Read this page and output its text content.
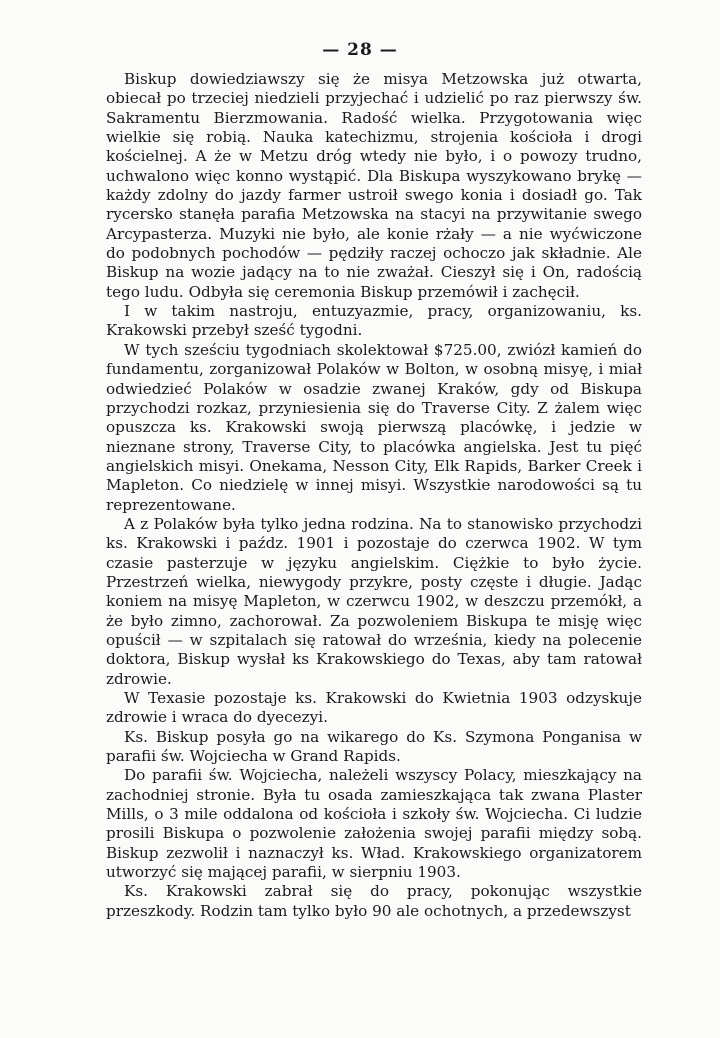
— 28 —

Biskup dowiedziawszy się że misya Metzowska już otwarta, obiecał po trzeciej niedzieli przyjechać i udzielić po raz pierwszy św. Sakramentu Bierzmowania. Radość wielka. Przygotowania więc wielkie się robią. Nauka katechizmu, strojenia kościoła i drogi kościelnej. A że w Metzu dróg wtedy nie było, i o powozy trudno, uchwalono więc konno wystąpić. Dla Biskupa wyszykowano brykę — każdy zdolny do jazdy farmer ustroił swego konia i dosiadł go. Tak rycersko stanęła parafia Metzowska na stacyi na przywitanie swego Arcypasterza. Muzyki nie było, ale konie rżały — a nie wyćwiczone do podobnych pochodów — pędziły raczej ochoczo jak składnie. Ale Biskup na wozie jadący na to nie zważał. Cieszył się i On, radością tego ludu. Odbyła się ceremonia Biskup przemówił i zachęcił.

I w takim nastroju, entuzyazmie, pracy, organizowaniu, ks. Krakowski przebył sześć tygodni.

W tych sześciu tygodniach skolektował $725.00, zwiózł kamień do fundamentu, zorganizował Polaków w Bolton, w osobną misyę, i miał odwiedzieć Polaków w osadzie zwanej Kraków, gdy od Biskupa przychodzi rozkaz, przyniesienia się do Traverse City. Z żalem więc opuszcza ks. Krakowski swoją pierwszą placówkę, i jedzie w nieznane strony, Traverse City, to placówka angielska. Jest tu pięć angielskich misyi. Onekama, Nesson City, Elk Rapids, Barker Creek i Mapleton. Co niedzielę w innej misyi. Wszystkie narodowości są tu reprezentowane.

A z Polaków była tylko jedna rodzina. Na to stanowisko przychodzi ks. Krakowski i paźdz. 1901 i pozostaje do czerwca 1902. W tym czasie pasterzuje w języku angielskim. Ciężkie to było życie. Przestrzeń wielka, niewygody przykre, posty częste i długie. Jadąc koniem na misyę Mapleton, w czerwcu 1902, w deszczu przemókł, a że było zimno, zachorował. Za pozwoleniem Biskupa te misję więc opuścił — w szpitalach się ratował do września, kiedy na polecenie doktora, Biskup wysłał ks Krakowskiego do Texas, aby tam ratował zdrowie.

W Texasie pozostaje ks. Krakowski do Kwietnia 1903 odzyskuje zdrowie i wraca do dyecezyi.

Ks. Biskup posyła go na wikarego do Ks. Szymona Ponganisa w parafii św. Wojciecha w Grand Rapids.

Do parafii św. Wojciecha, należeli wszyscy Polacy, mieszkający na zachodniej stronie. Była tu osada zamieszkająca tak zwana Plaster Mills, o 3 mile oddalona od kościoła i szkoły św. Wojciecha. Ci ludzie prosili Biskupa o pozwolenie założenia swojej parafii między sobą. Biskup zezwolił i naznaczył ks. Wład. Krakowskiego organizatorem utworzyć się mającej parafii, w sierpniu 1903.

Ks. Krakowski zabrał się do pracy, pokonując wszystkie przeszkody. Rodzin tam tylko było 90 ale ochotnych, a przedewszyst
